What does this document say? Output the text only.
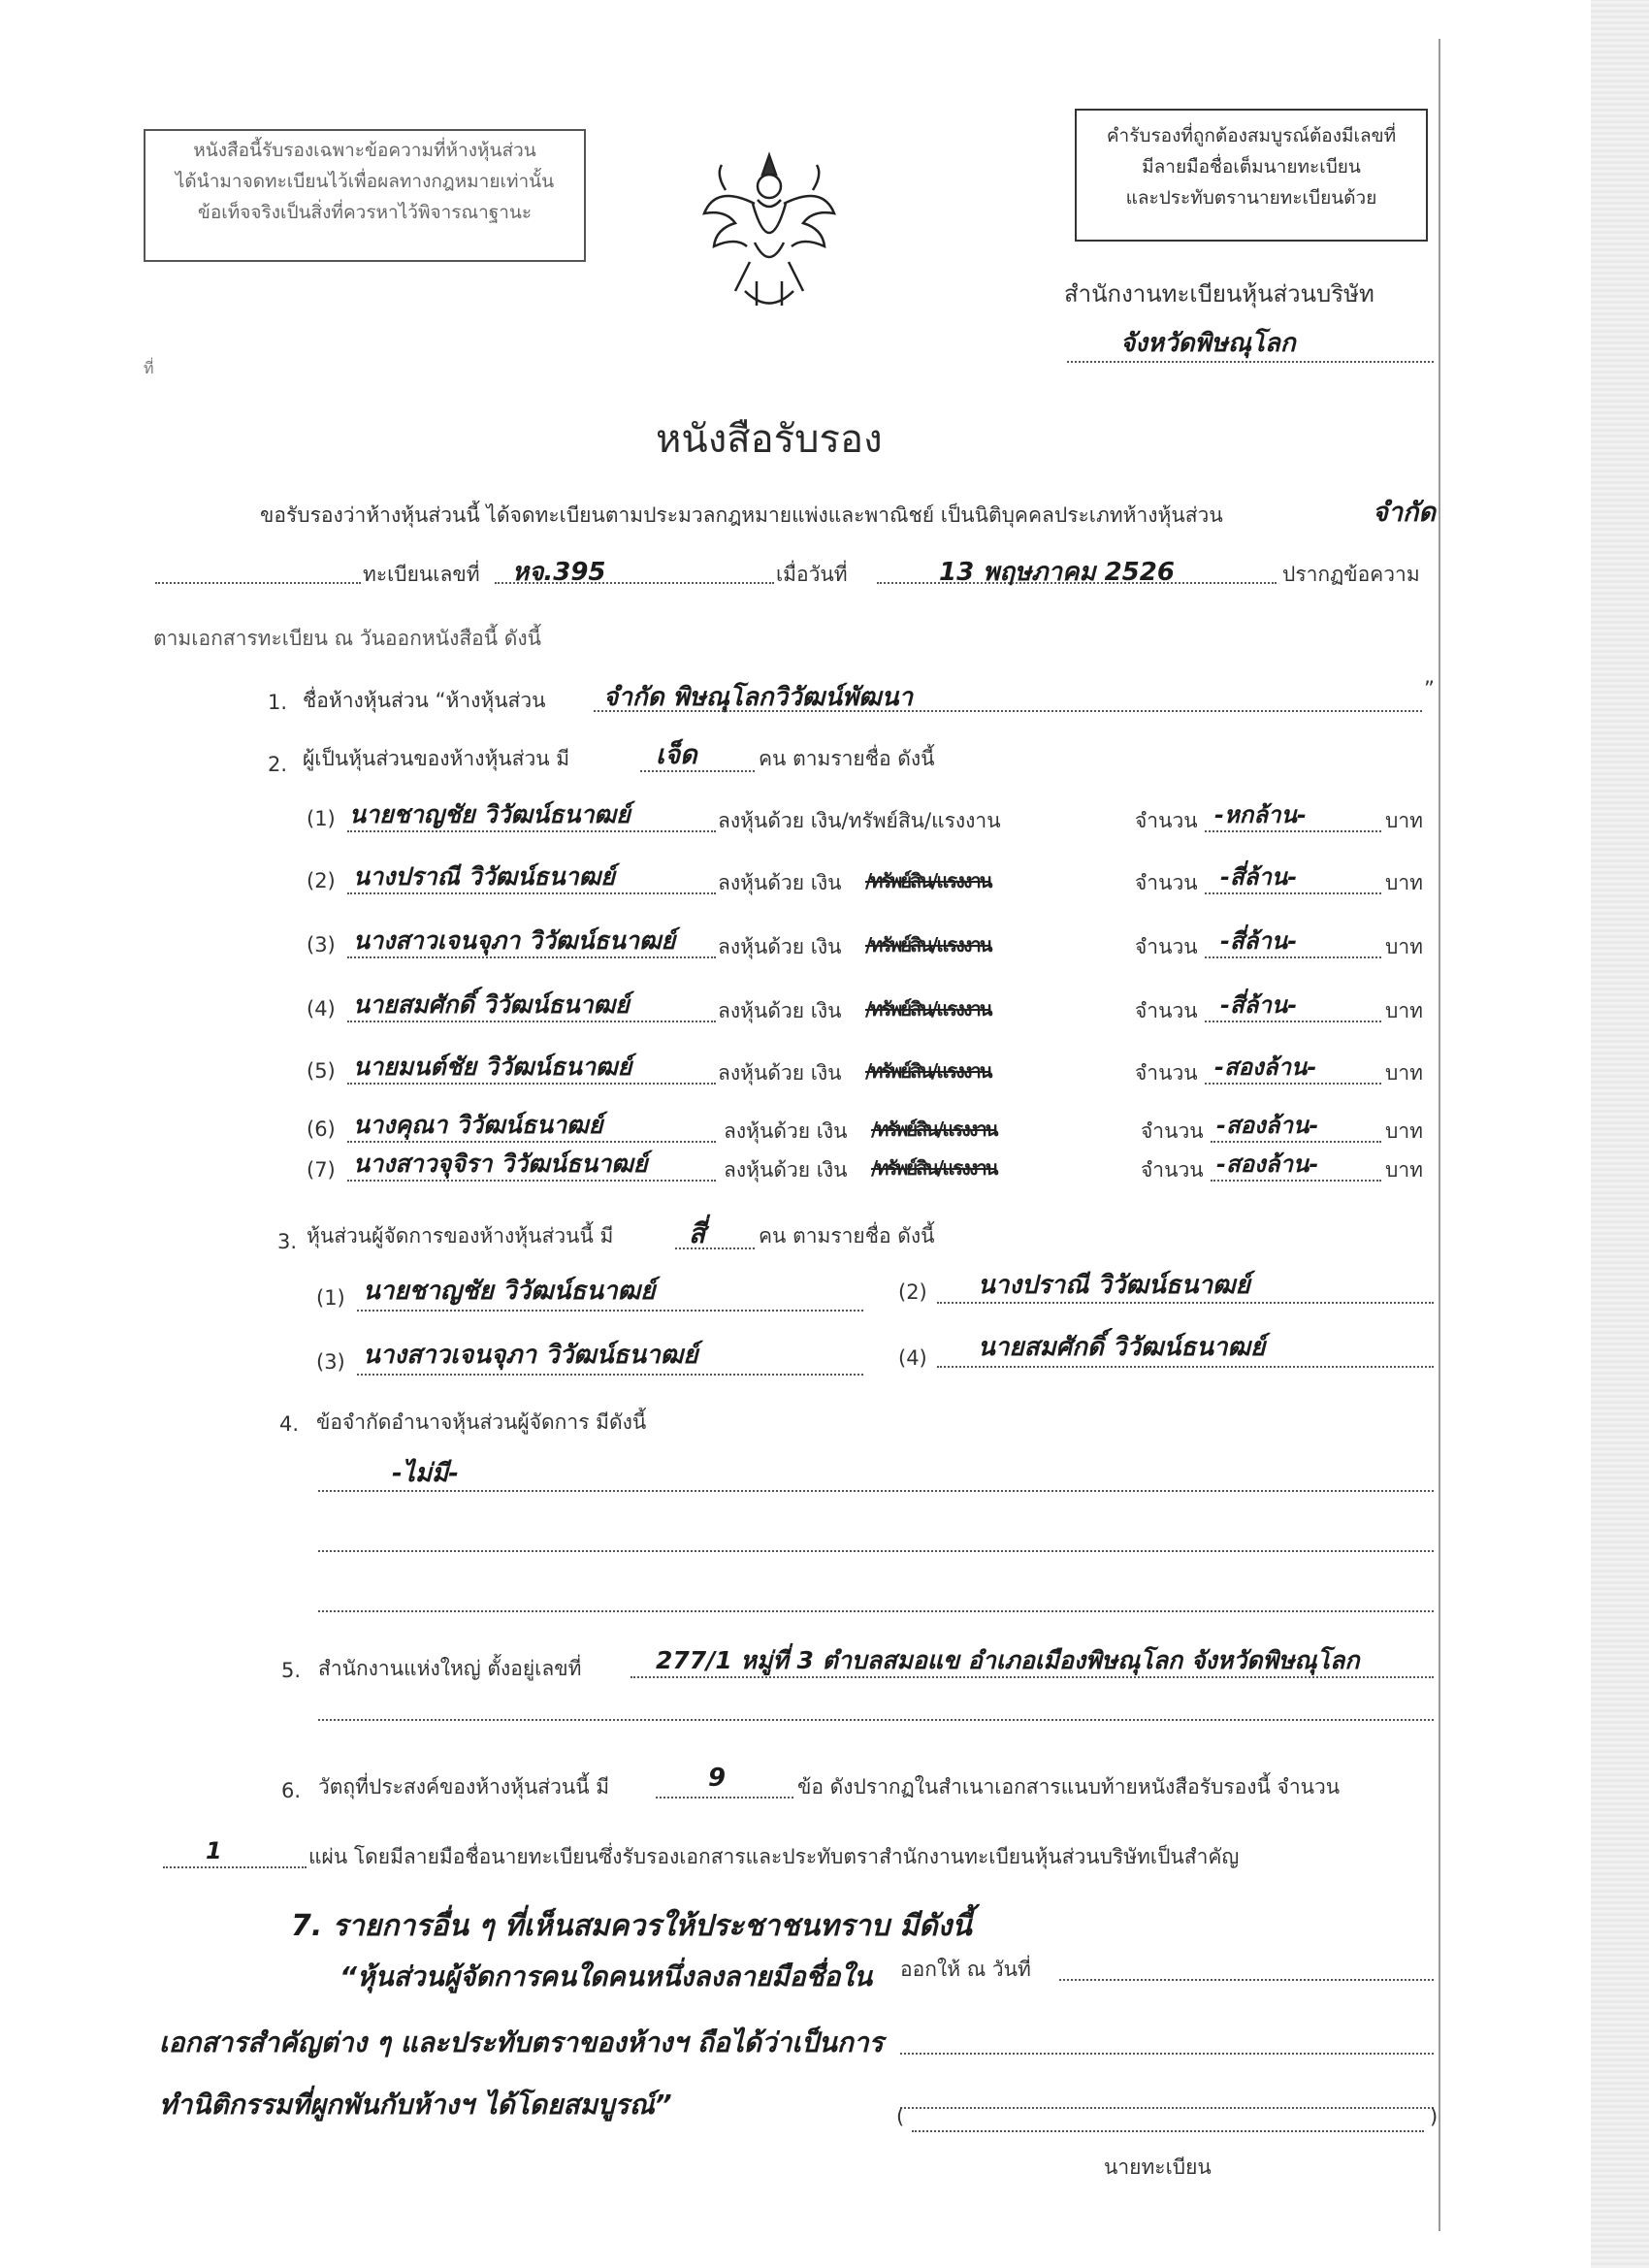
หนังสือนี้รับรองเฉพาะข้อความที่ห้างหุ้นส่วน

ได้นำมาจดทะเบียนไว้เพื่อผลทางกฎหมายเท่านั้น

ข้อเท็จจริงเป็นสิ่งที่ควรหาไว้พิจารณาฐานะ

คำรับรองที่ถูกต้องสมบูรณ์ต้องมีเลขที่

มีลายมือชื่อเต็มนายทะเบียน

และประทับตรานายทะเบียนด้วย

สำนักงานทะเบียนหุ้นส่วนบริษัท
จังหวัดพิษณุโลก
ที่
หนังสือรับรอง
ขอรับรองว่าห้างหุ้นส่วนนี้ ได้จดทะเบียนตามประมวลกฎหมายแพ่งและพาณิชย์ เป็นนิติบุคคลประเภทห้างหุ้นส่วน	จำกัด
ทะเบียนเลขที่ หจ.395	เมื่อวันที่	13 พฤษภาคม 2526	ปรากฏข้อความ
ตามเอกสารทะเบียน ณ วันออกหนังสือนี้ ดังนี้
1. ชื่อห้างหุ้นส่วน “ห้างหุ้นส่วน จำกัด พิษณุโลกวิวัฒน์พัฒนา	”
2. ผู้เป็นหุ้นส่วนของห้างหุ้นส่วน มี	เจ็ด	คน ตามรายชื่อ ดังนี้
(1) นายชาญชัย วิวัฒน์ธนาฒย์	ลงหุ้นด้วย เงิน/ทรัพย์สิน/แรงงาน	จำนวน -หกล้าน-	บาท
(2) นางปราณี วิวัฒน์ธนาฒย์	ลงหุ้นด้วย เงิน /ทรัพย์สิน/แรงงาน	จำนวน -สี่ล้าน-	บาท
(3) นางสาวเจนจุภา วิวัฒน์ธนาฒย์ ลงหุ้นด้วย เงิน /ทรัพย์สิน/แรงงาน	จำนวน -สี่ล้าน-	บาท
(4) นายสมศักดิ์ วิวัฒน์ธนาฒย์	ลงหุ้นด้วย เงิน /ทรัพย์สิน/แรงงาน	จำนวน -สี่ล้าน-	บาท
(5) นายมนต์ชัย วิวัฒน์ธนาฒย์	ลงหุ้นด้วย เงิน /ทรัพย์สิน/แรงงาน	จำนวน -สองล้าน-	บาท
(6) นางคุณา วิวัฒน์ธนาฒย์	ลงหุ้นด้วย เงิน /ทรัพย์สิน/แรงงาน	จำนวน -สองล้าน-	บาท
(7) นางสาวจุจิรา วิวัฒน์ธนาฒย์	ลงหุ้นด้วย เงิน /ทรัพย์สิน/แรงงาน	จำนวน -สองล้าน-	บาท
3. หุ้นส่วนผู้จัดการของห้างหุ้นส่วนนี้ มี	สี่	คน ตามรายชื่อ ดังนี้
(1) นายชาญชัย วิวัฒน์ธนาฒย์	(2) นางปราณี วิวัฒน์ธนาฒย์
(3) นางสาวเจนจุภา วิวัฒน์ธนาฒย์	(4) นายสมศักดิ์ วิวัฒน์ธนาฒย์
4. ข้อจำกัดอำนาจหุ้นส่วนผู้จัดการ มีดังนี้
-ไม่มี-
5. สำนักงานแห่งใหญ่ ตั้งอยู่เลขที่	277/1 หมู่ที่ 3 ตำบลสมอแข อำเภอเมืองพิษณุโลก จังหวัดพิษณุโลก
6. วัตถุที่ประสงค์ของห้างหุ้นส่วนนี้ มี	9	ข้อ ดังปรากฏในสำเนาเอกสารแนบท้ายหนังสือรับรองนี้ จำนวน
1	แผ่น โดยมีลายมือชื่อนายทะเบียนซึ่งรับรองเอกสารและประทับตราสำนักงานทะเบียนหุ้นส่วนบริษัทเป็นสำคัญ
7. รายการอื่น ๆ ที่เห็นสมควรให้ประชาชนทราบ มีดังนี้
“หุ้นส่วนผู้จัดการคนใดคนหนึ่งลงลายมือชื่อใน
เอกสารสำคัญต่าง ๆ และประทับตราของห้างฯ ถือได้ว่าเป็นการ
ทำนิติกรรมที่ผูกพันกับห้างฯ ได้โดยสมบูรณ์”
ออกให้ ณ วันที่
(	)
นายทะเบียน
